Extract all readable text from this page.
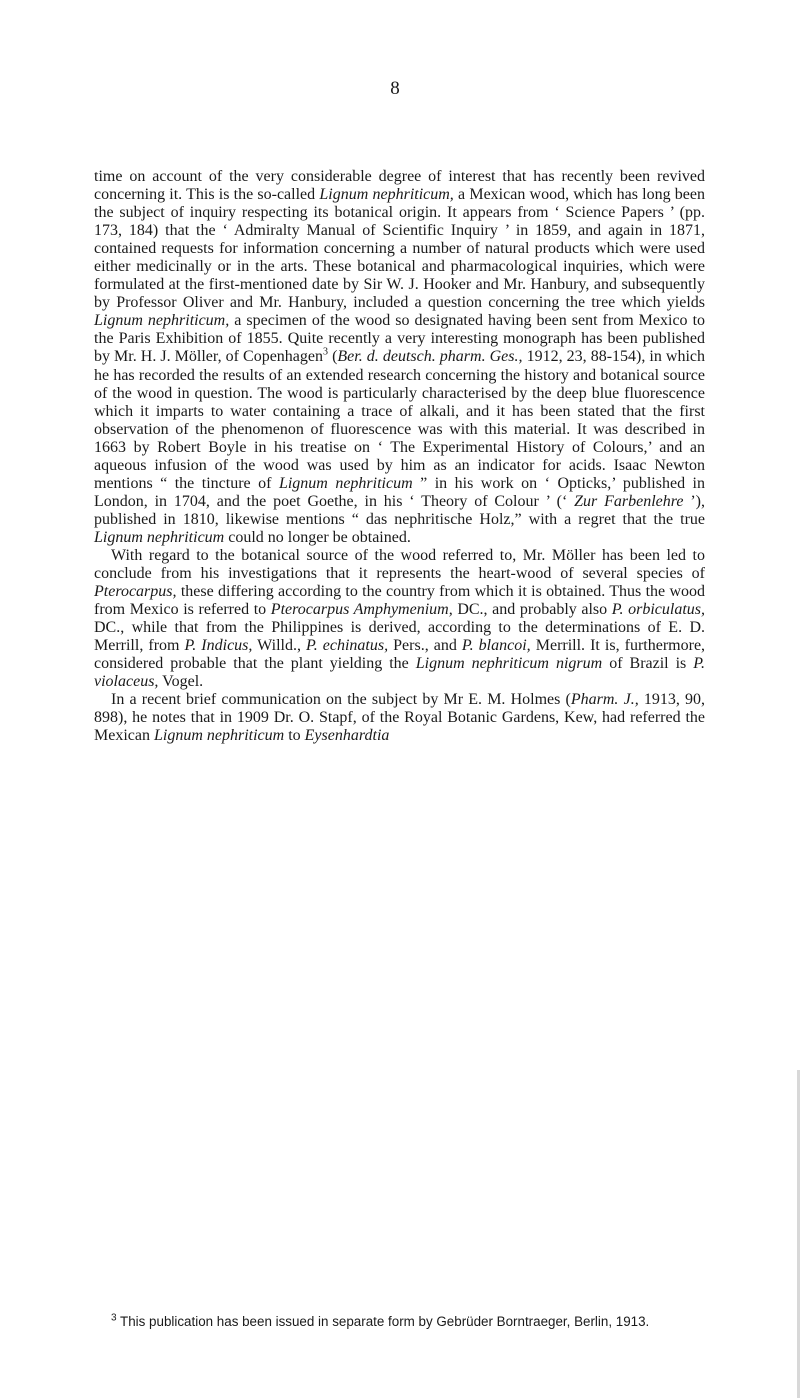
8

time on account of the very considerable degree of interest that has recently been revived concerning it. This is the so-called Lignum nephriticum, a Mexican wood, which has long been the subject of inquiry respecting its botanical origin. It appears from ‘ Science Papers ’ (pp. 173, 184) that the ‘ Admiralty Manual of Scientific Inquiry ’ in 1859, and again in 1871, contained requests for information concerning a number of natural products which were used either medicinally or in the arts. These botanical and pharmacological inquiries, which were formulated at the first-mentioned date by Sir W. J. Hooker and Mr. Hanbury, and subsequently by Professor Oliver and Mr. Hanbury, included a question concerning the tree which yields Lignum nephriticum, a specimen of the wood so designated having been sent from Mexico to the Paris Exhibition of 1855. Quite recently a very interesting monograph has been published by Mr. H. J. Möller, of Copenhagen$^3$ (Ber. d. deutsch. pharm. Ges., 1912, 23, 88-154), in which he has recorded the results of an extended research concerning the history and botanical source of the wood in question. The wood is particularly characterised by the deep blue fluorescence which it imparts to water containing a trace of alkali, and it has been stated that the first observation of the phenomenon of fluorescence was with this material. It was described in 1663 by Robert Boyle in his treatise on ‘ The Experimental History of Colours,’ and an aqueous infusion of the wood was used by him as an indicator for acids. Isaac Newton mentions “ the tincture of Lignum nephriticum ” in his work on ‘ Opticks,’ published in London, in 1704, and the poet Goethe, in his ‘ Theory of Colour ’ (‘ Zur Farbenlehre ’), published in 1810, likewise mentions “ das nephritische Holz,” with a regret that the true Lignum nephriticum could no longer be obtained.

With regard to the botanical source of the wood referred to, Mr. Möller has been led to conclude from his investigations that it represents the heart-wood of several species of Pterocarpus, these differing according to the country from which it is obtained. Thus the wood from Mexico is referred to Pterocarpus Amphymenium, DC., and probably also P. orbiculatus, DC., while that from the Philippines is derived, according to the determinations of E. D. Merrill, from P. Indicus, Willd., P. echinatus, Pers., and P. blancoi, Merrill. It is, furthermore, considered probable that the plant yielding the Lignum nephriticum nigrum of Brazil is P. violaceus, Vogel.

In a recent brief communication on the subject by Mr E. M. Holmes (Pharm. J., 1913, 90, 898), he notes that in 1909 Dr. O. Stapf, of the Royal Botanic Gardens, Kew, had referred the Mexican Lignum nephriticum to Eysenhardtia

$^3$ This publication has been issued in separate form by Gebrüder Borntraeger, Berlin, 1913.
